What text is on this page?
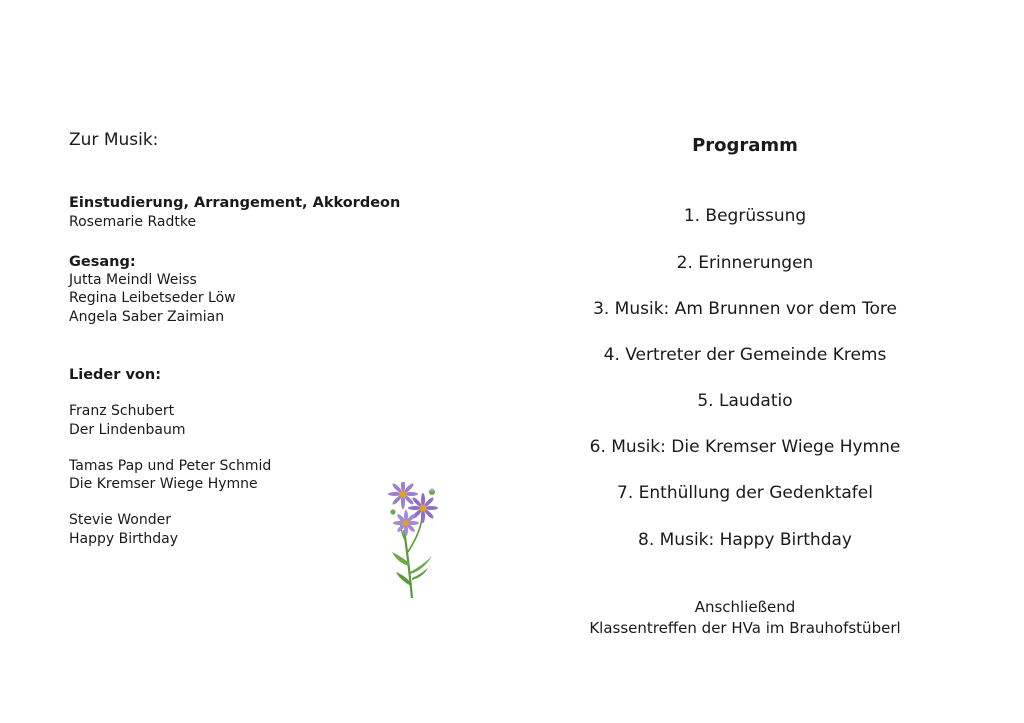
Zur Musik:
Einstudierung, Arrangement, Akkordeon
Rosemarie Radtke
Gesang:
Jutta Meindl Weiss
Regina Leibetseder Löw
Angela Saber Zaimian
Lieder von:
Franz Schubert
Der Lindenbaum
Tamas Pap und Peter Schmid
Die Kremser Wiege Hymne
Stevie Wonder
Happy Birthday
Programm
1. Begrüssung
2. Erinnerungen
3. Musik: Am Brunnen vor dem Tore
4. Vertreter der Gemeinde Krems
5. Laudatio
6. Musik: Die Kremser Wiege Hymne
7. Enthüllung der Gedenktafel
8. Musik: Happy Birthday
Anschließend
Klassentreffen der HVa im Brauhofstüberl
